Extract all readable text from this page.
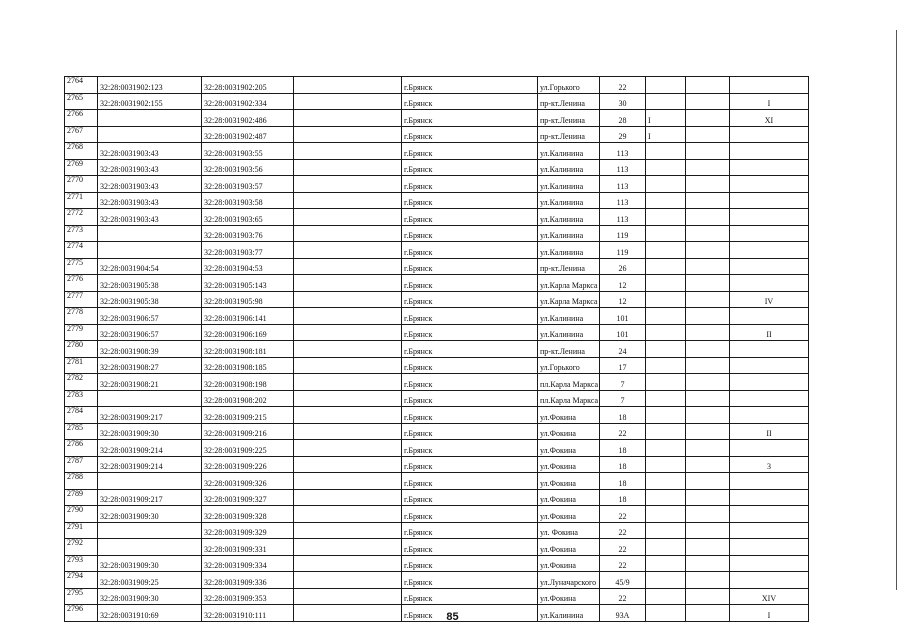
2764	32:28:0031902:123	32:28:0031902:205		г.Брянск	ул.Горького	22			
2765	32:28:0031902:155	32:28:0031902:334		г.Брянск	пр-кт.Ленина	30			I
2766		32:28:0031902:486		г.Брянск	пр-кт.Ленина	28	I		XI
2767		32:28:0031902:487		г.Брянск	пр-кт.Ленина	29	I		
2768	32:28:0031903:43	32:28:0031903:55		г.Брянск	ул.Калинина	113			
2769	32:28:0031903:43	32:28:0031903:56		г.Брянск	ул.Калинина	113			
2770	32:28:0031903:43	32:28:0031903:57		г.Брянск	ул.Калинина	113			
2771	32:28:0031903:43	32:28:0031903:58		г.Брянск	ул.Калинина	113			
2772	32:28:0031903:43	32:28:0031903:65		г.Брянск	ул.Калинина	113			
2773		32:28:0031903:76		г.Брянск	ул.Калинина	119			
2774		32:28:0031903:77		г.Брянск	ул.Калинина	119			
2775	32:28:0031904:54	32:28:0031904:53		г.Брянск	пр-кт.Ленина	26			
2776	32:28:0031905:38	32:28:0031905:143		г.Брянск	ул.Карла Маркса	12			
2777	32:28:0031905:38	32:28:0031905:98		г.Брянск	ул.Карла Маркса	12			IV
2778	32:28:0031906:57	32:28:0031906:141		г.Брянск	ул.Калинина	101			
2779	32:28:0031906:57	32:28:0031906:169		г.Брянск	ул.Калинина	101			II
2780	32:28:0031908:39	32:28:0031908:181		г.Брянск	пр-кт.Ленина	24			
2781	32:28:0031908:27	32:28:0031908:185		г.Брянск	ул.Горького	17			
2782	32:28:0031908:21	32:28:0031908:198		г.Брянск	пл.Карла Маркса	7			
2783		32:28:0031908:202		г.Брянск	пл.Карла Маркса	7			
2784	32:28:0031909:217	32:28:0031909:215		г.Брянск	ул.Фокина	18			
2785	32:28:0031909:30	32:28:0031909:216		г.Брянск	ул.Фокина	22			II
2786	32:28:0031909:214	32:28:0031909:225		г.Брянск	ул.Фокина	18			
2787	32:28:0031909:214	32:28:0031909:226		г.Брянск	ул.Фокина	18			3
2788		32:28:0031909:326		г.Брянск	ул.Фокина	18			
2789	32:28:0031909:217	32:28:0031909:327		г.Брянск	ул.Фокина	18			
2790	32:28:0031909:30	32:28:0031909:328		г.Брянск	ул.Фокина	22			
2791		32:28:0031909:329		г.Брянск	ул. Фокина	22			
2792		32:28:0031909:331		г.Брянск	ул.Фокина	22			
2793	32:28:0031909:30	32:28:0031909:334		г.Брянск	ул.Фокина	22			
2794	32:28:0031909:25	32:28:0031909:336		г.Брянск	ул.Луначарского	45/9			
2795	32:28:0031909:30	32:28:0031909:353		г.Брянск	ул.Фокина	22			XIV
2796	32:28:0031910:69	32:28:0031910:111		г.Брянск	ул.Калинина	93А			I
85
